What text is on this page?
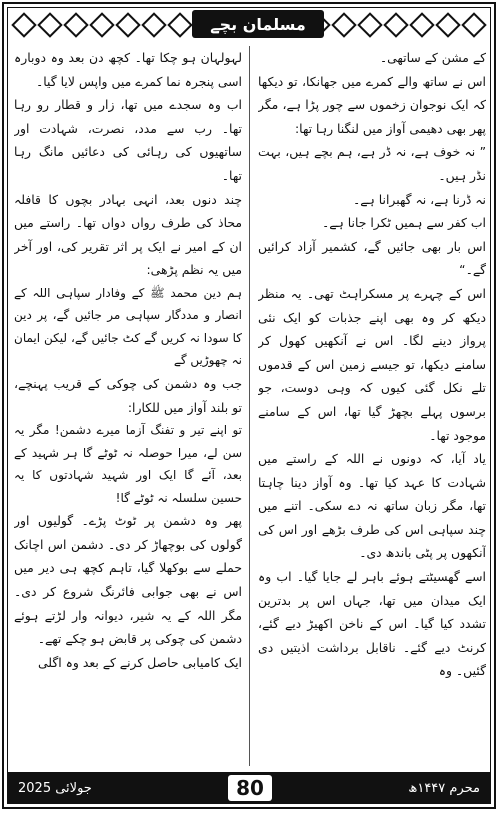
مسلمان بچے

کے مشن کے ساتھی۔

اس نے ساتھ والے کمرے میں جھانکا، تو دیکھا کہ ایک نوجوان زخموں سے چور پڑا ہے، مگر پھر بھی دھیمی آواز میں لنگنا رہا تھا:

” نہ خوف ہے، نہ ڈر ہے، ہم بچے ہیں، بہت نڈر ہیں۔

نہ ڈرنا ہے، نہ گھبرانا ہے۔

اب کفر سے ہمیں ٹکرا جانا ہے۔

اس بار بھی جائیں گے، کشمیر آزاد کرائیں گے۔“

اس کے چہرے پر مسکراہٹ تھی۔ یہ منظر دیکھ کر وہ بھی اپنے جذبات کو ایک نئی پرواز دینے لگا۔ اس نے آنکھیں کھول کر سامنے دیکھا، تو جیسے زمین اس کے قدموں تلے نکل گئی کیوں کہ وہی دوست، جو برسوں پہلے بچھڑ گیا تھا، اس کے سامنے موجود تھا۔

یاد آیا، کہ دونوں نے اللہ کے راستے میں شہادت کا عہد کیا تھا۔ وہ آواز دینا چاہتا تھا، مگر زبان ساتھ نہ دے سکی۔ اتنے میں چند سپاہی اس کی طرف بڑھے اور اس کی آنکھوں پر پٹی باندھ دی۔

اسے گھسیٹتے ہوئے باہر لے جایا گیا۔ اب وہ ایک میدان میں تھا، جہاں اس پر بدترین تشدد کیا گیا۔ اس کے ناخن اکھیڑ دیے گئے، کرنٹ دیے گئے۔ ناقابل برداشت اذیتیں دی گئیں۔ وہ

لہولہان ہو چکا تھا۔ کچھ دن بعد وہ دوبارہ اسی پنجرہ نما کمرے میں واپس لایا گیا۔

اب وہ سجدے میں تھا، زار و قطار رو رہا تھا۔ رب سے مدد، نصرت، شہادت اور ساتھیوں کی رہائی کی دعائیں مانگ رہا تھا۔

چند دنوں بعد، انہی بہادر بچوں کا قافلہ محاذ کی طرف رواں دواں تھا۔ راستے میں ان کے امیر نے ایک پر اثر تقریر کی، اور آخر میں یہ نظم پڑھی:

ہم دین محمد ﷺ کے وفادار سپاہی اللہ کے انصار و مددگار سپاہی مر جائیں گے، پر دین کا سودا نہ کریں گے کٹ جائیں گے، لیکن ایمان نہ چھوڑیں گے

جب وہ دشمن کی چوکی کے قریب پہنچے، تو بلند آواز میں للکارا:

تو اپنے تیر و تفنگ آزما میرے دشمن! مگر یہ سن لے، میرا حوصلہ نہ ٹوٹے گا ہر شہید کے بعد، آئے گا ایک اور شہید شہادتوں کا یہ حسین سلسلہ نہ ٹوٹے گا!

پھر وہ دشمن پر ٹوٹ پڑے۔ گولیوں اور گولوں کی بوچھاڑ کر دی۔ دشمن اس اچانک حملے سے بوکھلا گیا، تاہم کچھ ہی دیر میں اس نے بھی جوابی فائرنگ شروع کر دی۔ مگر اللہ کے یہ شیر، دیوانہ وار لڑتے ہوئے دشمن کی چوکی پر قابض ہو چکے تھے۔

ایک کامیابی حاصل کرنے کے بعد وہ اگلی

جولائی 2025	80	محرم ۱۴۴۷ھ
